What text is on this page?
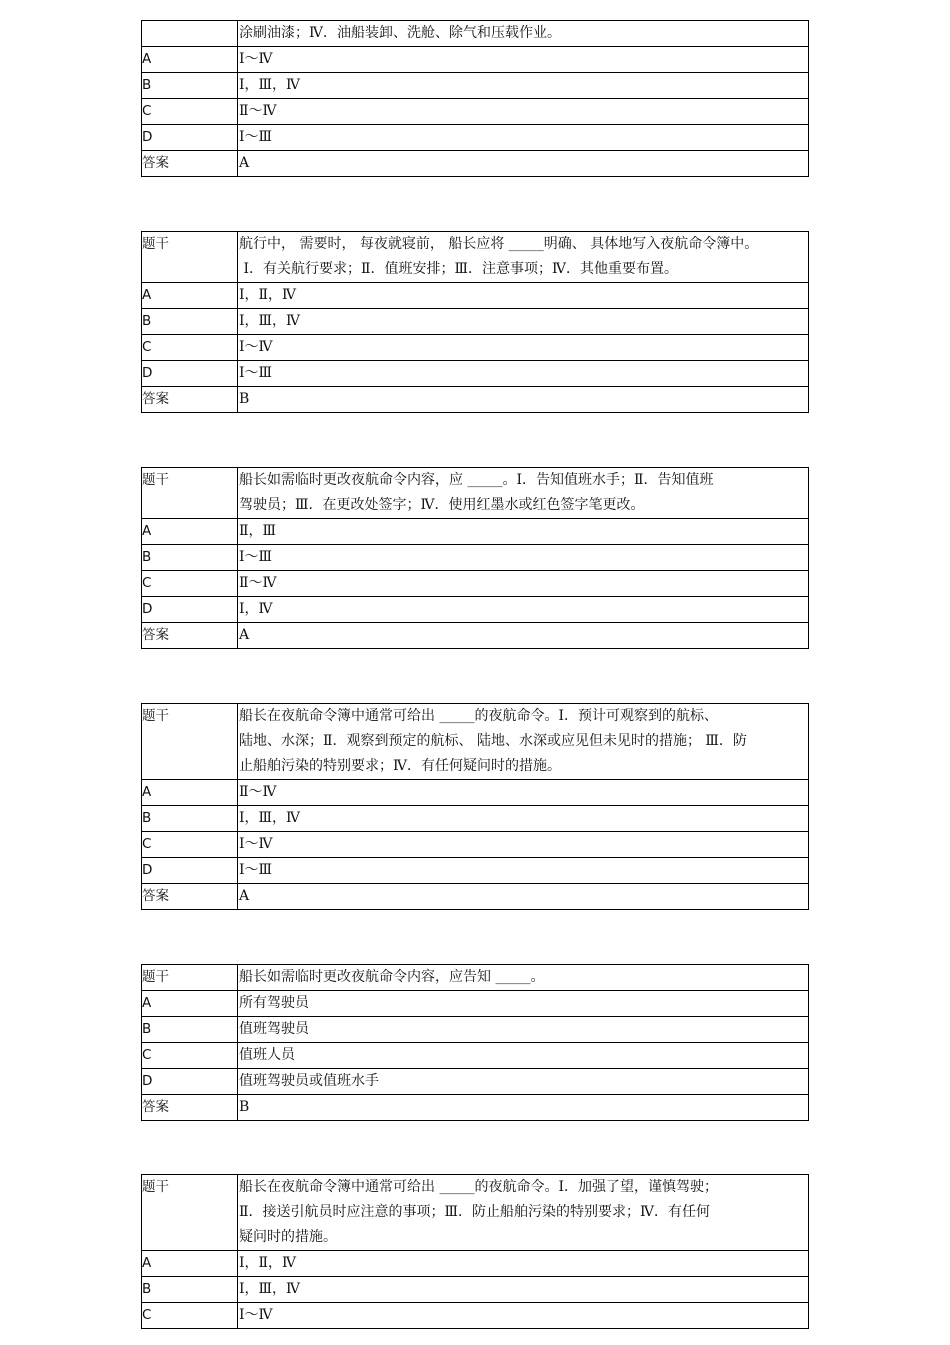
	涂刷油漆；Ⅳ．油船装卸、洗舱、除气和压载作业。
A	Ⅰ～Ⅳ
B	Ⅰ，Ⅲ，Ⅳ
C	Ⅱ～Ⅳ
D	Ⅰ～Ⅲ
答案	A
题干	航行中， 需要时， 每夜就寝前， 船长应将 _____明确、 具体地写入夜航命令簿中。
Ⅰ．有关航行要求；Ⅱ．值班安排；Ⅲ．注意事项；Ⅳ．其他重要布置。
A	Ⅰ，Ⅱ，Ⅳ
B	Ⅰ，Ⅲ，Ⅳ
C	Ⅰ～Ⅳ
D	Ⅰ～Ⅲ
答案	B
题干	船长如需临时更改夜航命令内容，应 _____。Ⅰ．告知值班水手；Ⅱ．告知值班
驾驶员；Ⅲ．在更改处签字；Ⅳ．使用红墨水或红色签字笔更改。
A	Ⅱ，Ⅲ
B	Ⅰ～Ⅲ
C	Ⅱ～Ⅳ
D	Ⅰ，Ⅳ
答案	A
题干	船长在夜航命令簿中通常可给出 _____的夜航命令。Ⅰ．预计可观察到的航标、
陆地、水深；Ⅱ．观察到预定的航标、 陆地、水深或应见但未见时的措施； Ⅲ．防
止船舶污染的特别要求；Ⅳ．有任何疑问时的措施。
A	Ⅱ～Ⅳ
B	Ⅰ，Ⅲ，Ⅳ
C	Ⅰ～Ⅳ
D	Ⅰ～Ⅲ
答案	A
题干	船长如需临时更改夜航命令内容，应告知 _____。
A	所有驾驶员
B	值班驾驶员
C	值班人员
D	值班驾驶员或值班水手
答案	B
题干	船长在夜航命令簿中通常可给出 _____的夜航命令。Ⅰ．加强了望，谨慎驾驶；
Ⅱ．接送引航员时应注意的事项；Ⅲ．防止船舶污染的特别要求；Ⅳ．有任何
疑问时的措施。
A	Ⅰ，Ⅱ，Ⅳ
B	Ⅰ，Ⅲ，Ⅳ
C	Ⅰ～Ⅳ
